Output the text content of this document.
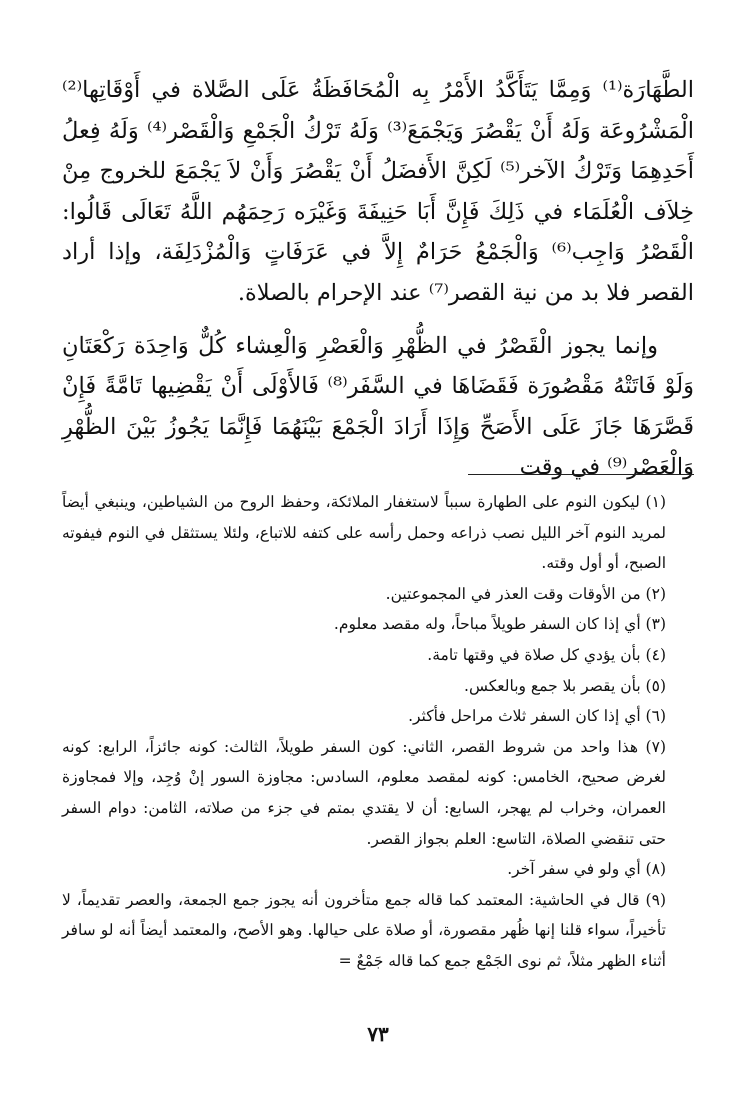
الطَّهَارَة⁽¹⁾ وَمِمَّا يَتَأَكَّدُ الأَمْرُ بِه الْمُحَافَظَةُ عَلَى الصَّلاة في أَوْقَاتِها⁽²⁾ الْمَشْرُوعَة وَلَهُ أَنْ يَقْصُرَ وَيَجْمَعَ⁽³⁾ وَلَهُ تَرْكُ الْجَمْعِ وَالْقَصْر⁽⁴⁾ وَلَهُ فِعلُ أَحَدِهِمَا وَتَرْكُ الآخر⁽⁵⁾ لَكِنَّ الأَفضَلُ أَنْ يَقْصُرَ وَأَنْ لاَ يَجْمَعَ للخروج مِنْ خِلاَف الْعُلَمَاء في ذَلِكَ فَإِنَّ أَبَا حَنِيفَةَ وَغَيْرَه رَحِمَهُم اللَّهُ تَعَالَى قَالُوا: الْقَصْرُ وَاجِب⁽⁶⁾ وَالْجَمْعُ حَرَامٌ إِلاَّ في عَرَفَاتٍ وَالْمُزْدَلِفَة، وإذا أراد القصر فلا بد من نية القصر⁽⁷⁾ عند الإحرام بالصلاة.

وإنما يجوز الْقَصْرُ في الظُّهْرِ وَالْعَصْرِ وَالْعِشاء كُلٌّ وَاحِدَة رَكْعَتَانِ وَلَوْ فَاتَتْهُ مَقْصُورَة فَقَضَاهَا في السَّفَر⁽⁸⁾ فَالأَوْلَى أَنْ يَقْضِيها تَامَّةً فَإِنْ قَصَّرَهَا جَازَ عَلَى الأَصَحِّ وَإِذَا أَرَادَ الْجَمْعَ بَيْنَهُمَا فَإِنَّمَا يَجُوزُ بَيْنَ الظُّهْرِ وَالْعَصْر⁽⁹⁾ في وقت

(١) ليكون النوم على الطهارة سبباً لاستغفار الملائكة، وحفظ الروح من الشياطين، وينبغي أيضاً لمريد النوم آخر الليل نصب ذراعه وحمل رأسه على كتفه للاتباع، ولئلا يستثقل في النوم فيفوته الصبح، أو أول وقته.

(٢) من الأوقات وقت العذر في المجموعتين.

(٣) أي إذا كان السفر طويلاً مباحاً، وله مقصد معلوم.

(٤) بأن يؤدي كل صلاة في وقتها تامة.

(٥) بأن يقصر بلا جمع وبالعكس.

(٦) أي إذا كان السفر ثلاث مراحل فأكثر.

(٧) هذا واحد من شروط القصر، الثاني: كون السفر طويلاً، الثالث: كونه جائزاً، الرابع: كونه لغرض صحيح، الخامس: كونه لمقصد معلوم، السادس: مجاوزة السور إنْ وُجِد، وإلا فمجاوزة العمران، وخراب لم يهجر، السابع: أن لا يقتدي بمتم في جزء من صلاته، الثامن: دوام السفر حتى تنقضي الصلاة، التاسع: العلم بجواز القصر.

(٨) أي ولو في سفر آخر.

(٩) قال في الحاشية: المعتمد كما قاله جمع متأخرون أنه يجوز جمع الجمعة، والعصر تقديماً، لا تأخيراً، سواء قلنا إنها ظُهر مقصورة، أو صلاة على حيالها. وهو الأصح، والمعتمد أيضاً أنه لو سافر أثناء الظهر مثلاً، ثم نوى الجَمْع جمع كما قاله جَمْعٌ =

٧٣
